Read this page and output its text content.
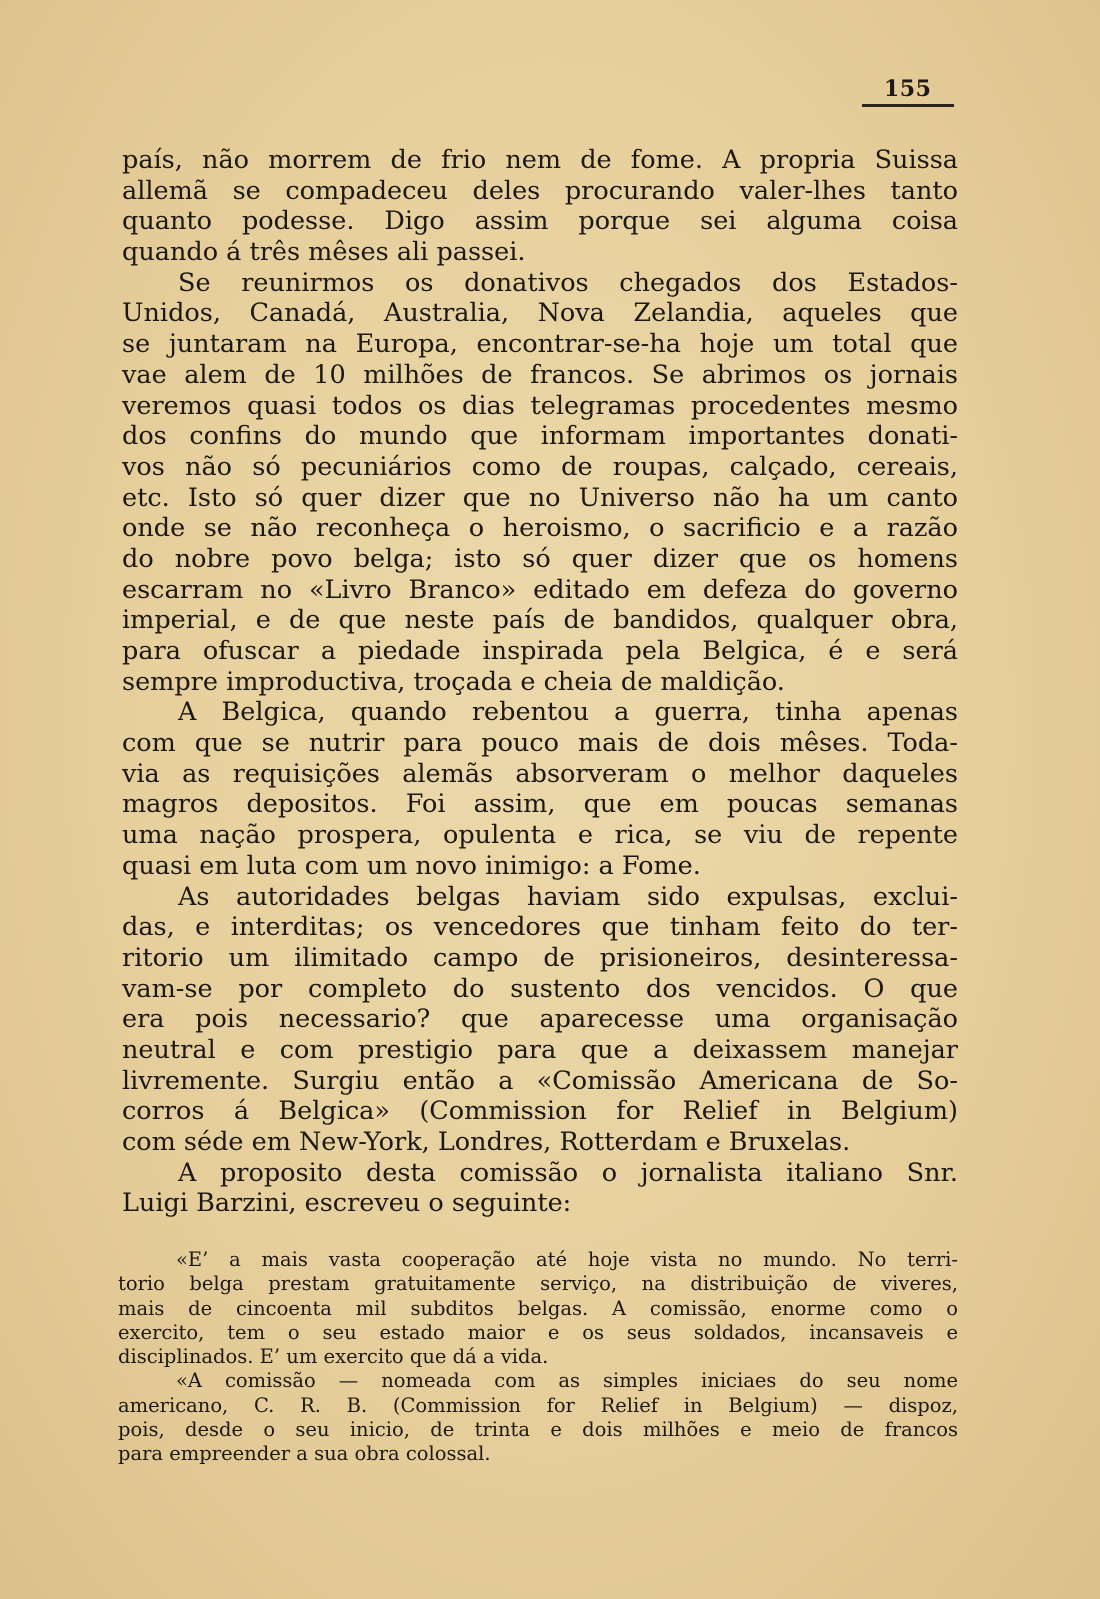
155
país, não morrem de frio nem de fome. A propria Suissa
allemã se compadeceu deles procurando valer-lhes tanto
quanto podesse. Digo assim porque sei alguma coisa
quando á três mêses ali passei.
Se reunirmos os donativos chegados dos Estados-
Unidos, Canadá, Australia, Nova Zelandia, aqueles que
se juntaram na Europa, encontrar-se-ha hoje um total que
vae alem de 10 milhões de francos. Se abrimos os jornais
veremos quasi todos os dias telegramas procedentes mesmo
dos confins do mundo que informam importantes donati-
vos não só pecuniários como de roupas, calçado, cereais,
etc. Isto só quer dizer que no Universo não ha um canto
onde se não reconheça o heroismo, o sacrificio e a razão
do nobre povo belga; isto só quer dizer que os homens
escarram no «Livro Branco» editado em defeza do governo
imperial, e de que neste país de bandidos, qualquer obra,
para ofuscar a piedade inspirada pela Belgica, é e será
sempre improductiva, troçada e cheia de maldição.
A Belgica, quando rebentou a guerra, tinha apenas
com que se nutrir para pouco mais de dois mêses. Toda-
via as requisições alemãs absorveram o melhor daqueles
magros depositos. Foi assim, que em poucas semanas
uma nação prospera, opulenta e rica, se viu de repente
quasi em luta com um novo inimigo: a Fome.
As autoridades belgas haviam sido expulsas, exclui-
das, e interditas; os vencedores que tinham feito do ter-
ritorio um ilimitado campo de prisioneiros, desinteressa-
vam-se por completo do sustento dos vencidos. O que
era pois necessario? que aparecesse uma organisação
neutral e com prestigio para que a deixassem manejar
livremente. Surgiu então a «Comissão Americana de So-
corros á Belgica» (Commission for Relief in Belgium)
com séde em New-York, Londres, Rotterdam e Bruxelas.
A proposito desta comissão o jornalista italiano Snr.
Luigi Barzini, escreveu o seguinte:
«E’ a mais vasta cooperação até hoje vista no mundo. No terri-
torio belga prestam gratuitamente serviço, na distribuição de viveres,
mais de cincoenta mil subditos belgas. A comissão, enorme como o
exercito, tem o seu estado maior e os seus soldados, incansaveis e
disciplinados. E’ um exercito que dá a vida.
«A comissão — nomeada com as simples iniciaes do seu nome
americano, C. R. B. (Commission for Relief in Belgium) — dispoz,
pois, desde o seu inicio, de trinta e dois milhões e meio de francos
para empreender a sua obra colossal.
